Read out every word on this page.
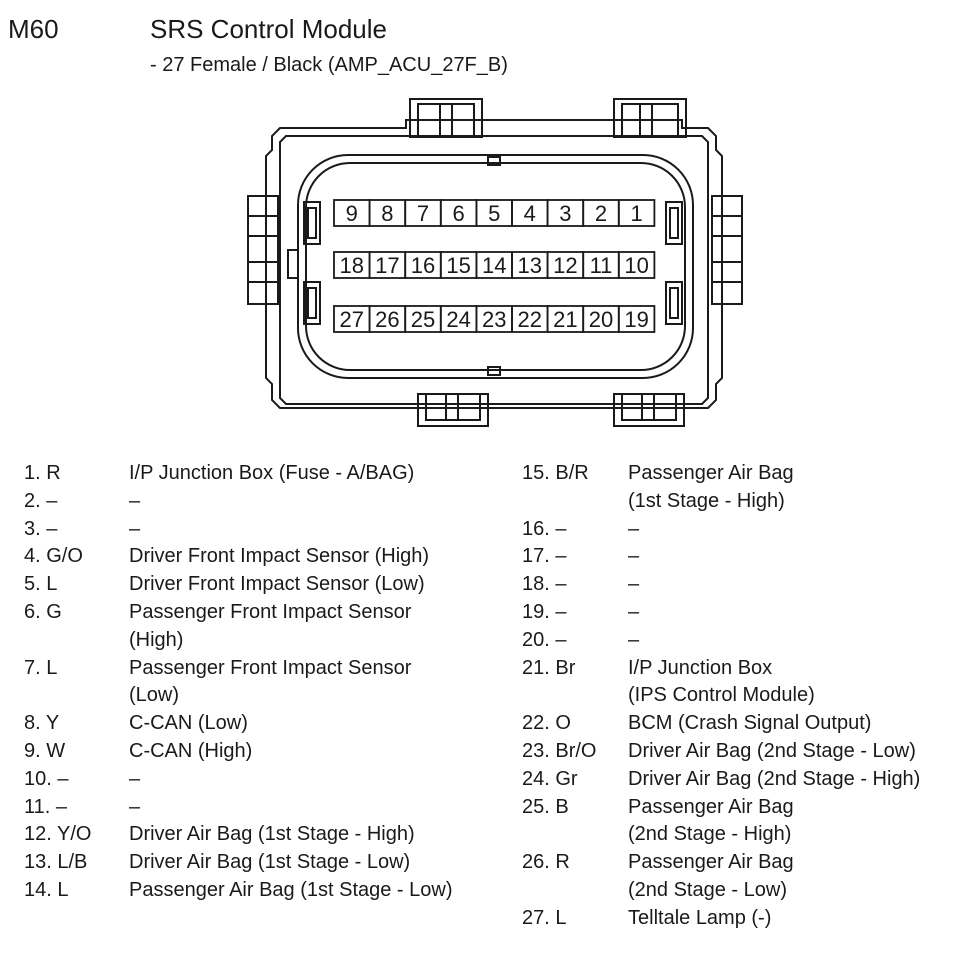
M60	SRS Control Module
- 27 Female / Black (AMP_ACU_27F_B)
9 8 7 6 5 4 3 2 1
18 17 16 15 14 13 12 11 10
27 26 25 24 23 22 21 20 19
1. R	I/P Junction Box (Fuse - A/BAG)
2. –	–
3. –	–
4. G/O Driver Front Impact Sensor (High)
5. L	Driver Front Impact Sensor (Low)
6. G	Passenger Front Impact Sensor
(High)
7. L	Passenger Front Impact Sensor
(Low)
8. Y	C-CAN (Low)
9. W	C-CAN (High)
10. –	–
11. –	–
12. Y/O Driver Air Bag (1st Stage - High)
13. L/B Driver Air Bag (1st Stage - Low)
14. L	Passenger Air Bag (1st Stage - Low)
15. B/R Passenger Air Bag
(1st Stage - High)
16. –	–
17. –	–
18. –	–
19. –	–
20. –	–
21. Br	I/P Junction Box
(IPS Control Module)
22. O	BCM (Crash Signal Output)
23. Br/O Driver Air Bag (2nd Stage - Low)
24. Gr	Driver Air Bag (2nd Stage - High)
25. B	Passenger Air Bag
(2nd Stage - High)
26. R	Passenger Air Bag
(2nd Stage - Low)
27. L	Telltale Lamp (-)
